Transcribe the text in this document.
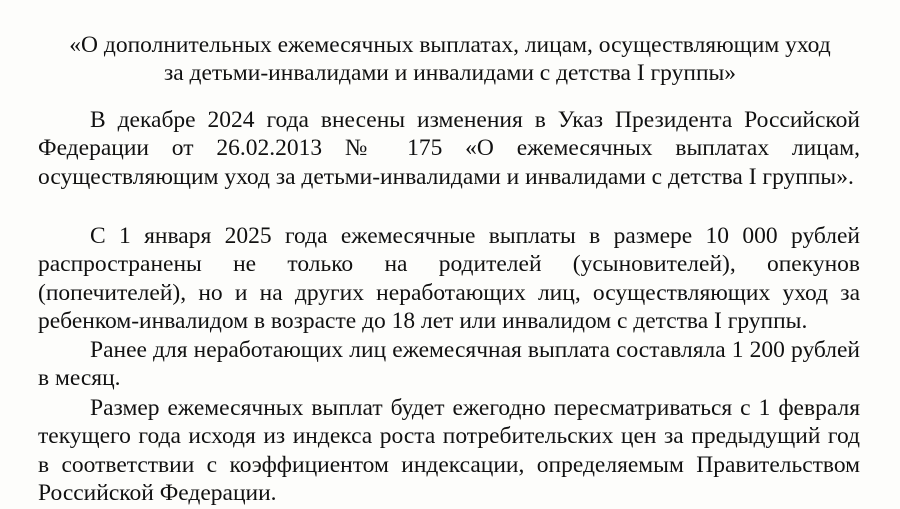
«О дополнительных ежемесячных выплатах, лицам, осуществляющим уход
за детьми-инвалидами и инвалидами с детства I группы»

В декабре 2024 года внесены изменения в Указ Президента Российской Федерации от 26.02.2013 № 175 «О ежемесячных выплатах лицам, осуществляющим уход за детьми-инвалидами и инвалидами с детства I группы».

С 1 января 2025 года ежемесячные выплаты в размере 10 000 рублей распространены не только на родителей (усыновителей), опекунов (попечителей), но и на других неработающих лиц, осуществляющих уход за ребенком-инвалидом в возрасте до 18 лет или инвалидом с детства I группы.

Ранее для неработающих лиц ежемесячная выплата составляла 1 200 рублей в месяц.

Размер ежемесячных выплат будет ежегодно пересматриваться с 1 февраля текущего года исходя из индекса роста потребительских цен за предыдущий год в соответствии с коэффициентом индексации, определяемым Правительством Российской Федерации.
